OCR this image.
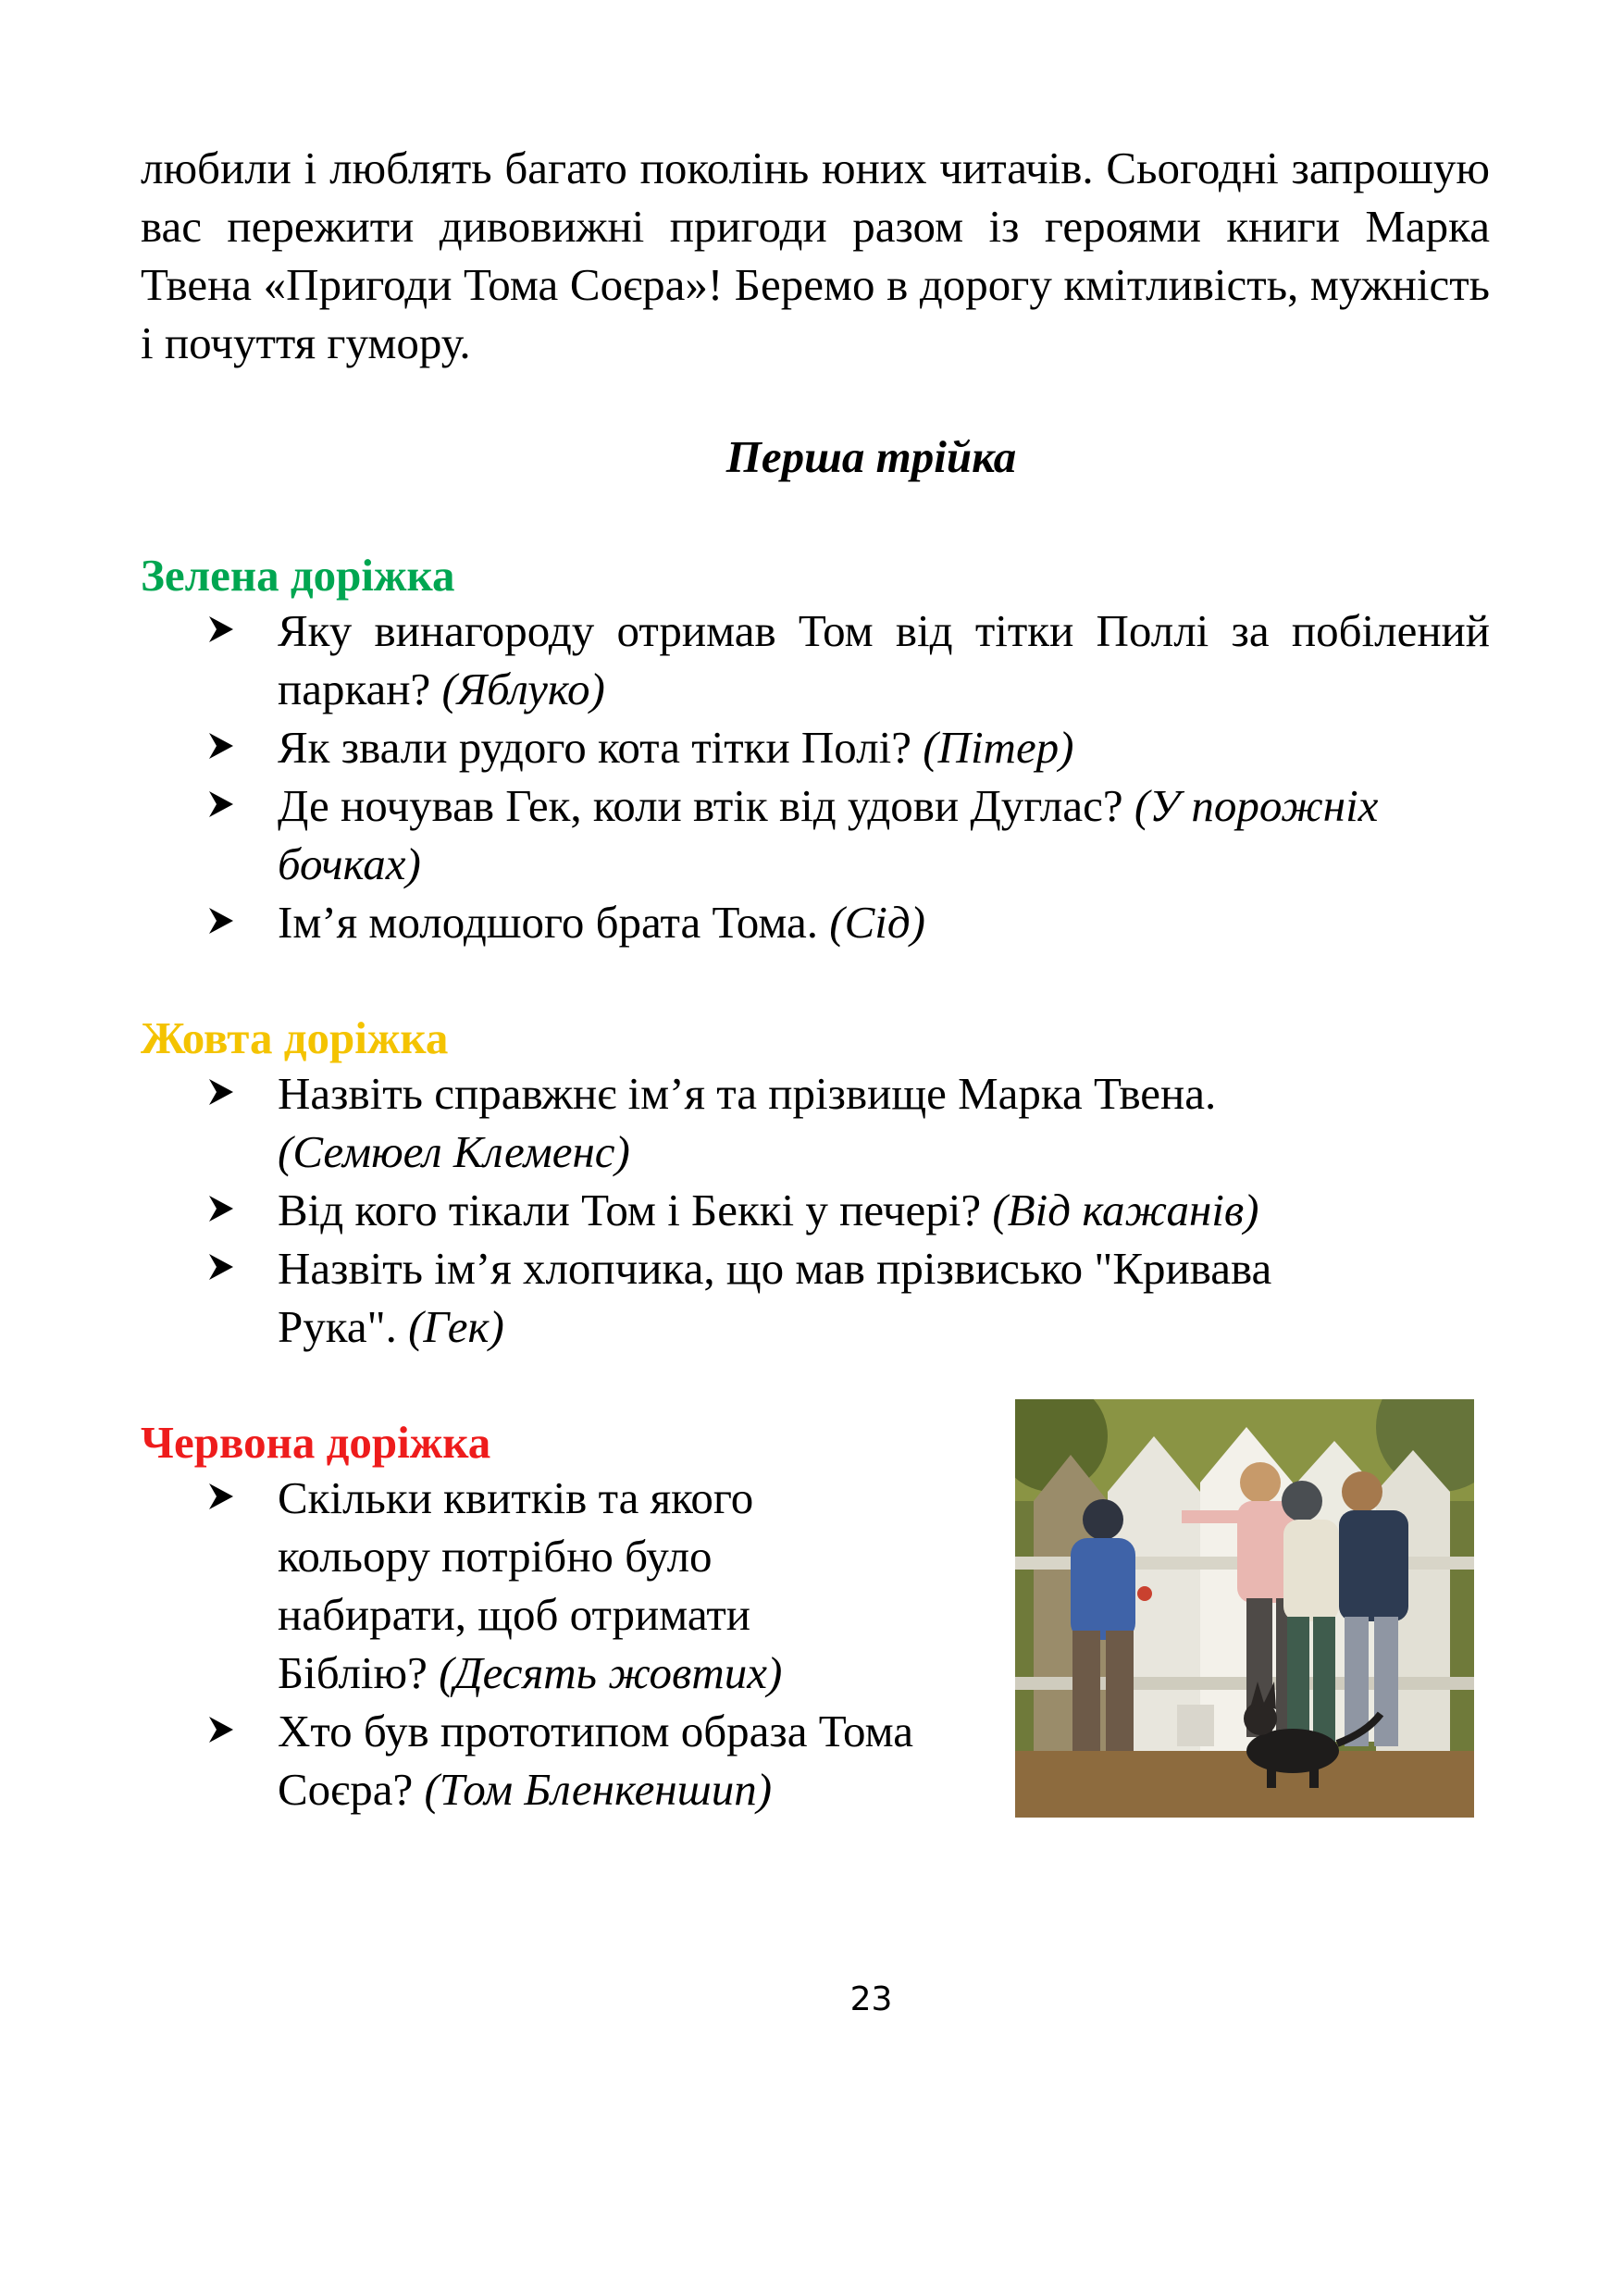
любили і люблять багато поколінь юних читачів. Сьогодні запрошую вас пережити дивовижні пригоди разом із героями книги Марка Твена «Пригоди Тома Соєра»! Беремо в дорогу кмітливість, мужність і почуття гумору.

Перша трійка

Зелена доріжка

Яку винагороду отримав Том від тітки Поллі за побілений паркан? (Яблуко)
Як звали рудого кота тітки Полі? (Пітер)
Де ночував Гек, коли втік від удови Дуглас? (У порожніх бочках)
Ім’я молодшого брата Тома. (Сід)

Жовта доріжка

Назвіть справжнє ім’я та прізвище Марка Твена. (Семюел Клеменс)
Від кого тікали Том і Беккі у печері? (Від кажанів)
Назвіть ім’я хлопчика, що мав прізвисько "Кривава Рука". (Гек)

Червона доріжка

Скільки квитків та якого кольору потрібно було набирати, щоб отримати Біблію? (Десять жовтих)
Хто був прототипом образа Тома Соєра? (Том Бленкеншип)

23
